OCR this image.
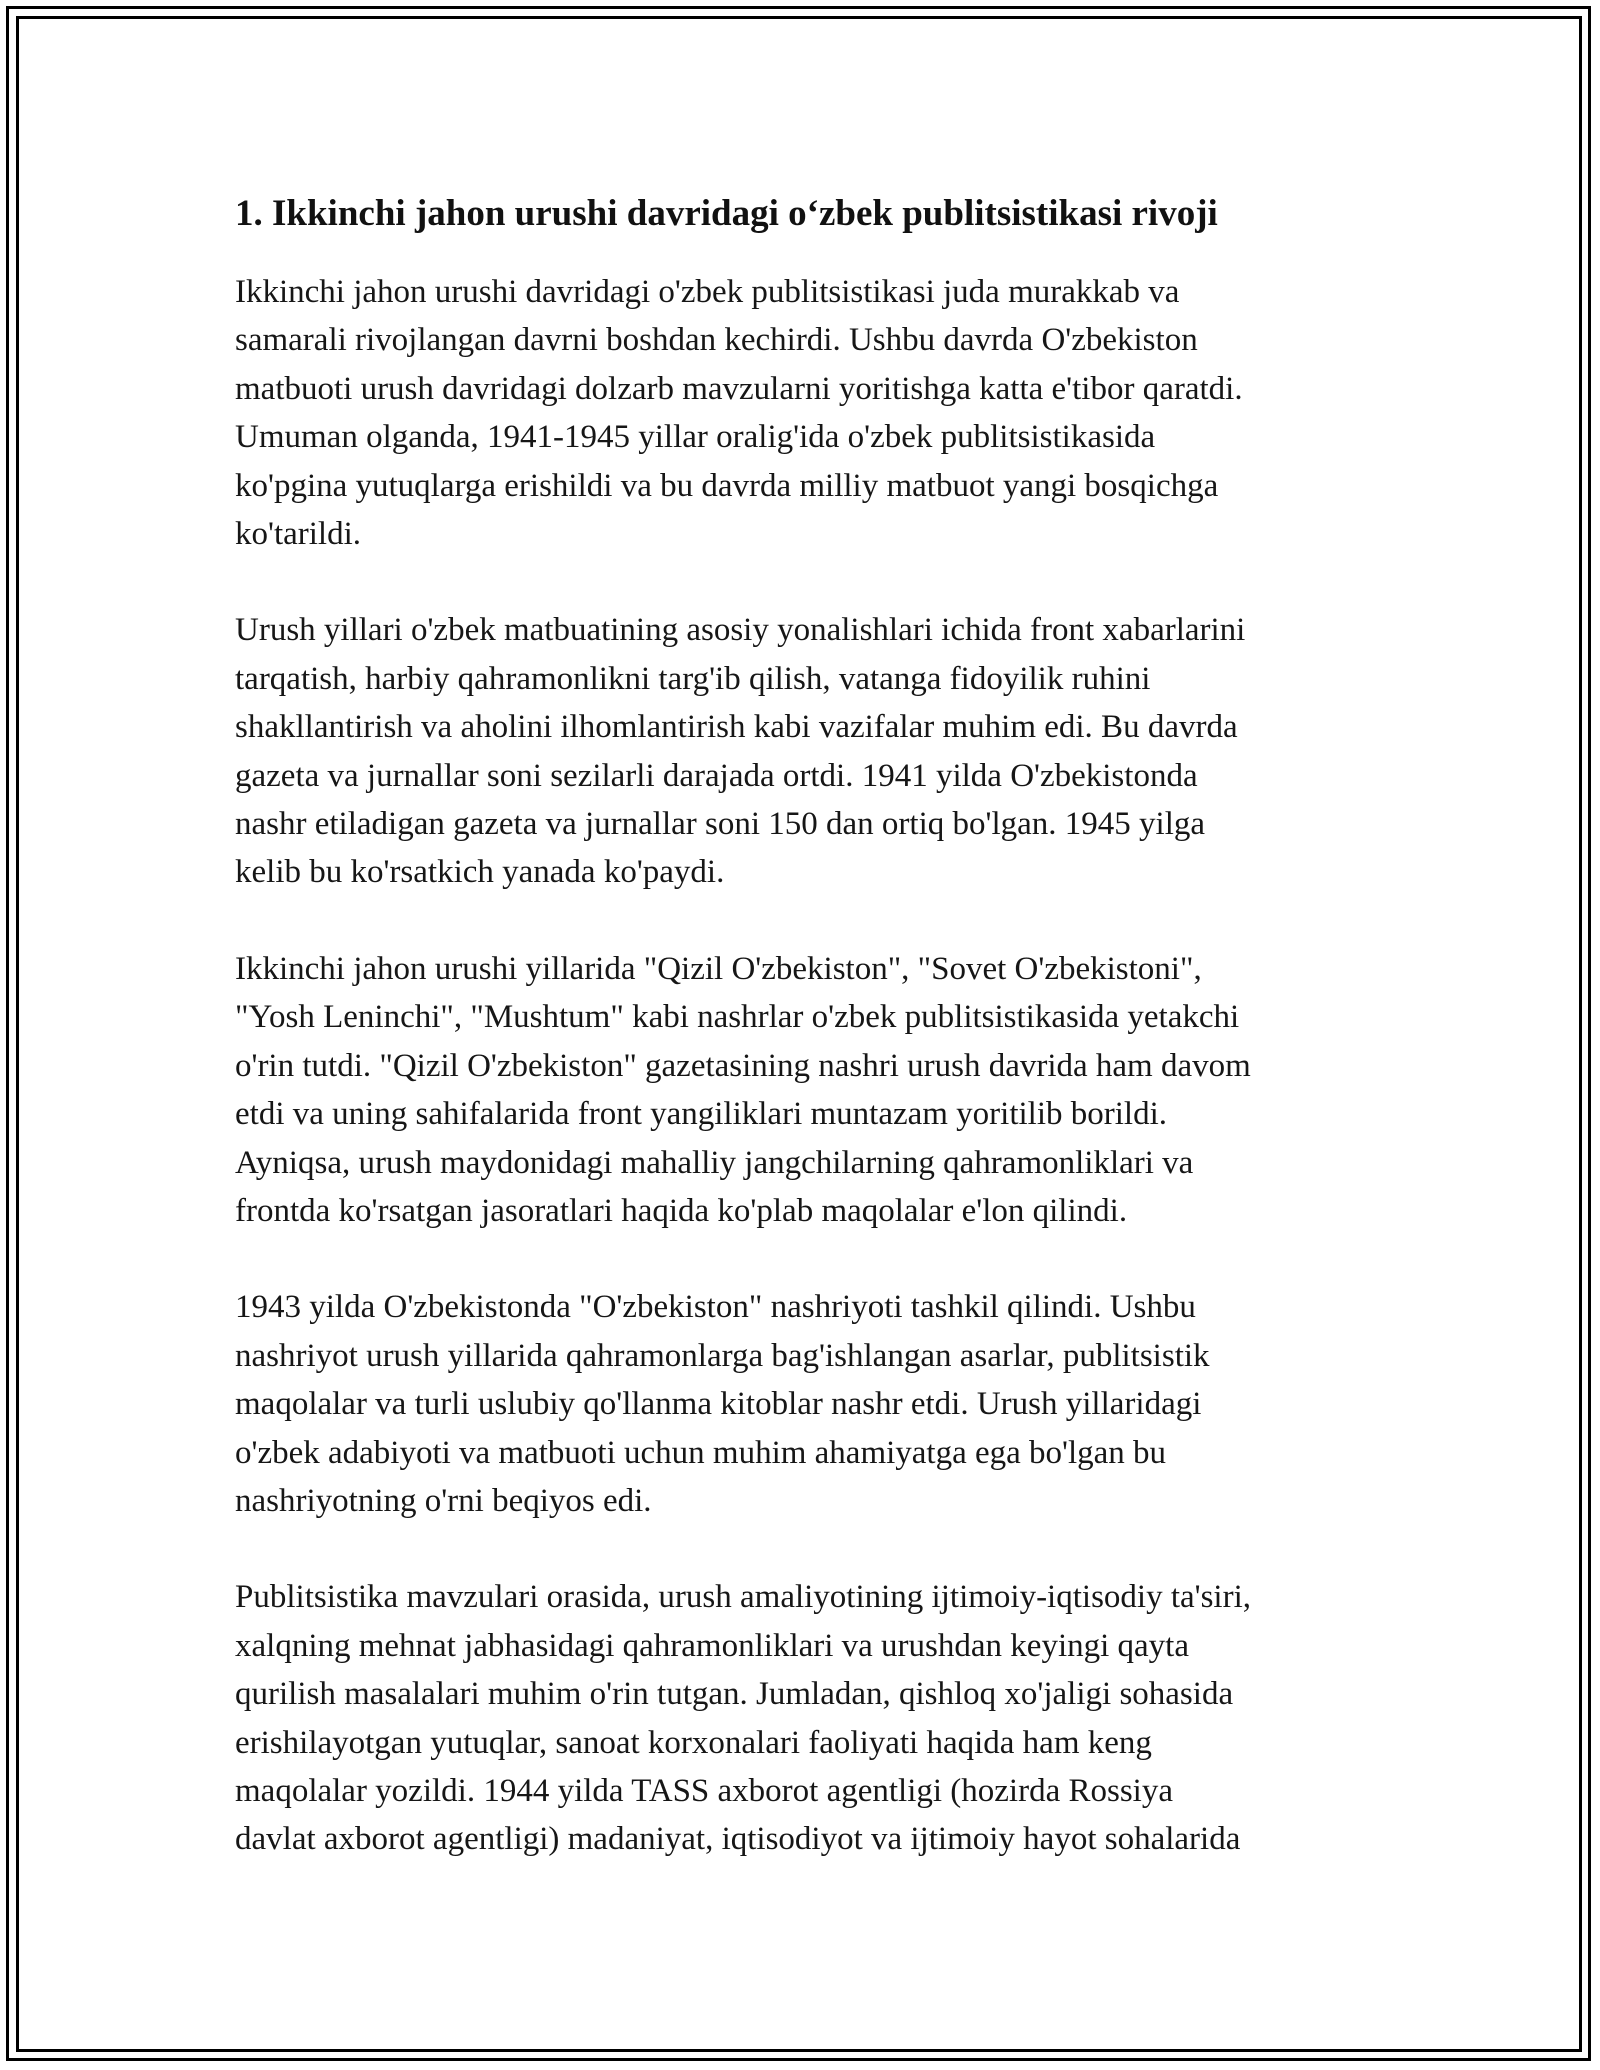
1. Ikkinchi jahon urushi davridagi o‘zbek publitsistikasi rivoji

Ikkinchi jahon urushi davridagi o'zbek publitsistikasi juda murakkab va
samarali rivojlangan davrni boshdan kechirdi. Ushbu davrda O'zbekiston
matbuoti urush davridagi dolzarb mavzularni yoritishga katta e'tibor qaratdi.
Umuman olganda, 1941-1945 yillar oralig'ida o'zbek publitsistikasida
ko'pgina yutuqlarga erishildi va bu davrda milliy matbuot yangi bosqichga
ko'tarildi.

Urush yillari o'zbek matbuatining asosiy yonalishlari ichida front xabarlarini
tarqatish, harbiy qahramonlikni targ'ib qilish, vatanga fidoyilik ruhini
shakllantirish va aholini ilhomlantirish kabi vazifalar muhim edi. Bu davrda
gazeta va jurnallar soni sezilarli darajada ortdi. 1941 yilda O'zbekistonda
nashr etiladigan gazeta va jurnallar soni 150 dan ortiq bo'lgan. 1945 yilga
kelib bu ko'rsatkich yanada ko'paydi.

Ikkinchi jahon urushi yillarida "Qizil O'zbekiston", "Sovet O'zbekistoni",
"Yosh Leninchi", "Mushtum" kabi nashrlar o'zbek publitsistikasida yetakchi
o'rin tutdi. "Qizil O'zbekiston" gazetasining nashri urush davrida ham davom
etdi va uning sahifalarida front yangiliklari muntazam yoritilib borildi.
Ayniqsa, urush maydonidagi mahalliy jangchilarning qahramonliklari va
frontda ko'rsatgan jasoratlari haqida ko'plab maqolalar e'lon qilindi.

1943 yilda O'zbekistonda "O'zbekiston" nashriyoti tashkil qilindi. Ushbu
nashriyot urush yillarida qahramonlarga bag'ishlangan asarlar, publitsistik
maqolalar va turli uslubiy qo'llanma kitoblar nashr etdi. Urush yillaridagi
o'zbek adabiyoti va matbuoti uchun muhim ahamiyatga ega bo'lgan bu
nashriyotning o'rni beqiyos edi.

Publitsistika mavzulari orasida, urush amaliyotining ijtimoiy-iqtisodiy ta'siri,
xalqning mehnat jabhasidagi qahramonliklari va urushdan keyingi qayta
qurilish masalalari muhim o'rin tutgan. Jumladan, qishloq xo'jaligi sohasida
erishilayotgan yutuqlar, sanoat korxonalari faoliyati haqida ham keng
maqolalar yozildi. 1944 yilda TASS axborot agentligi (hozirda Rossiya
davlat axborot agentligi) madaniyat, iqtisodiyot va ijtimoiy hayot sohalarida
